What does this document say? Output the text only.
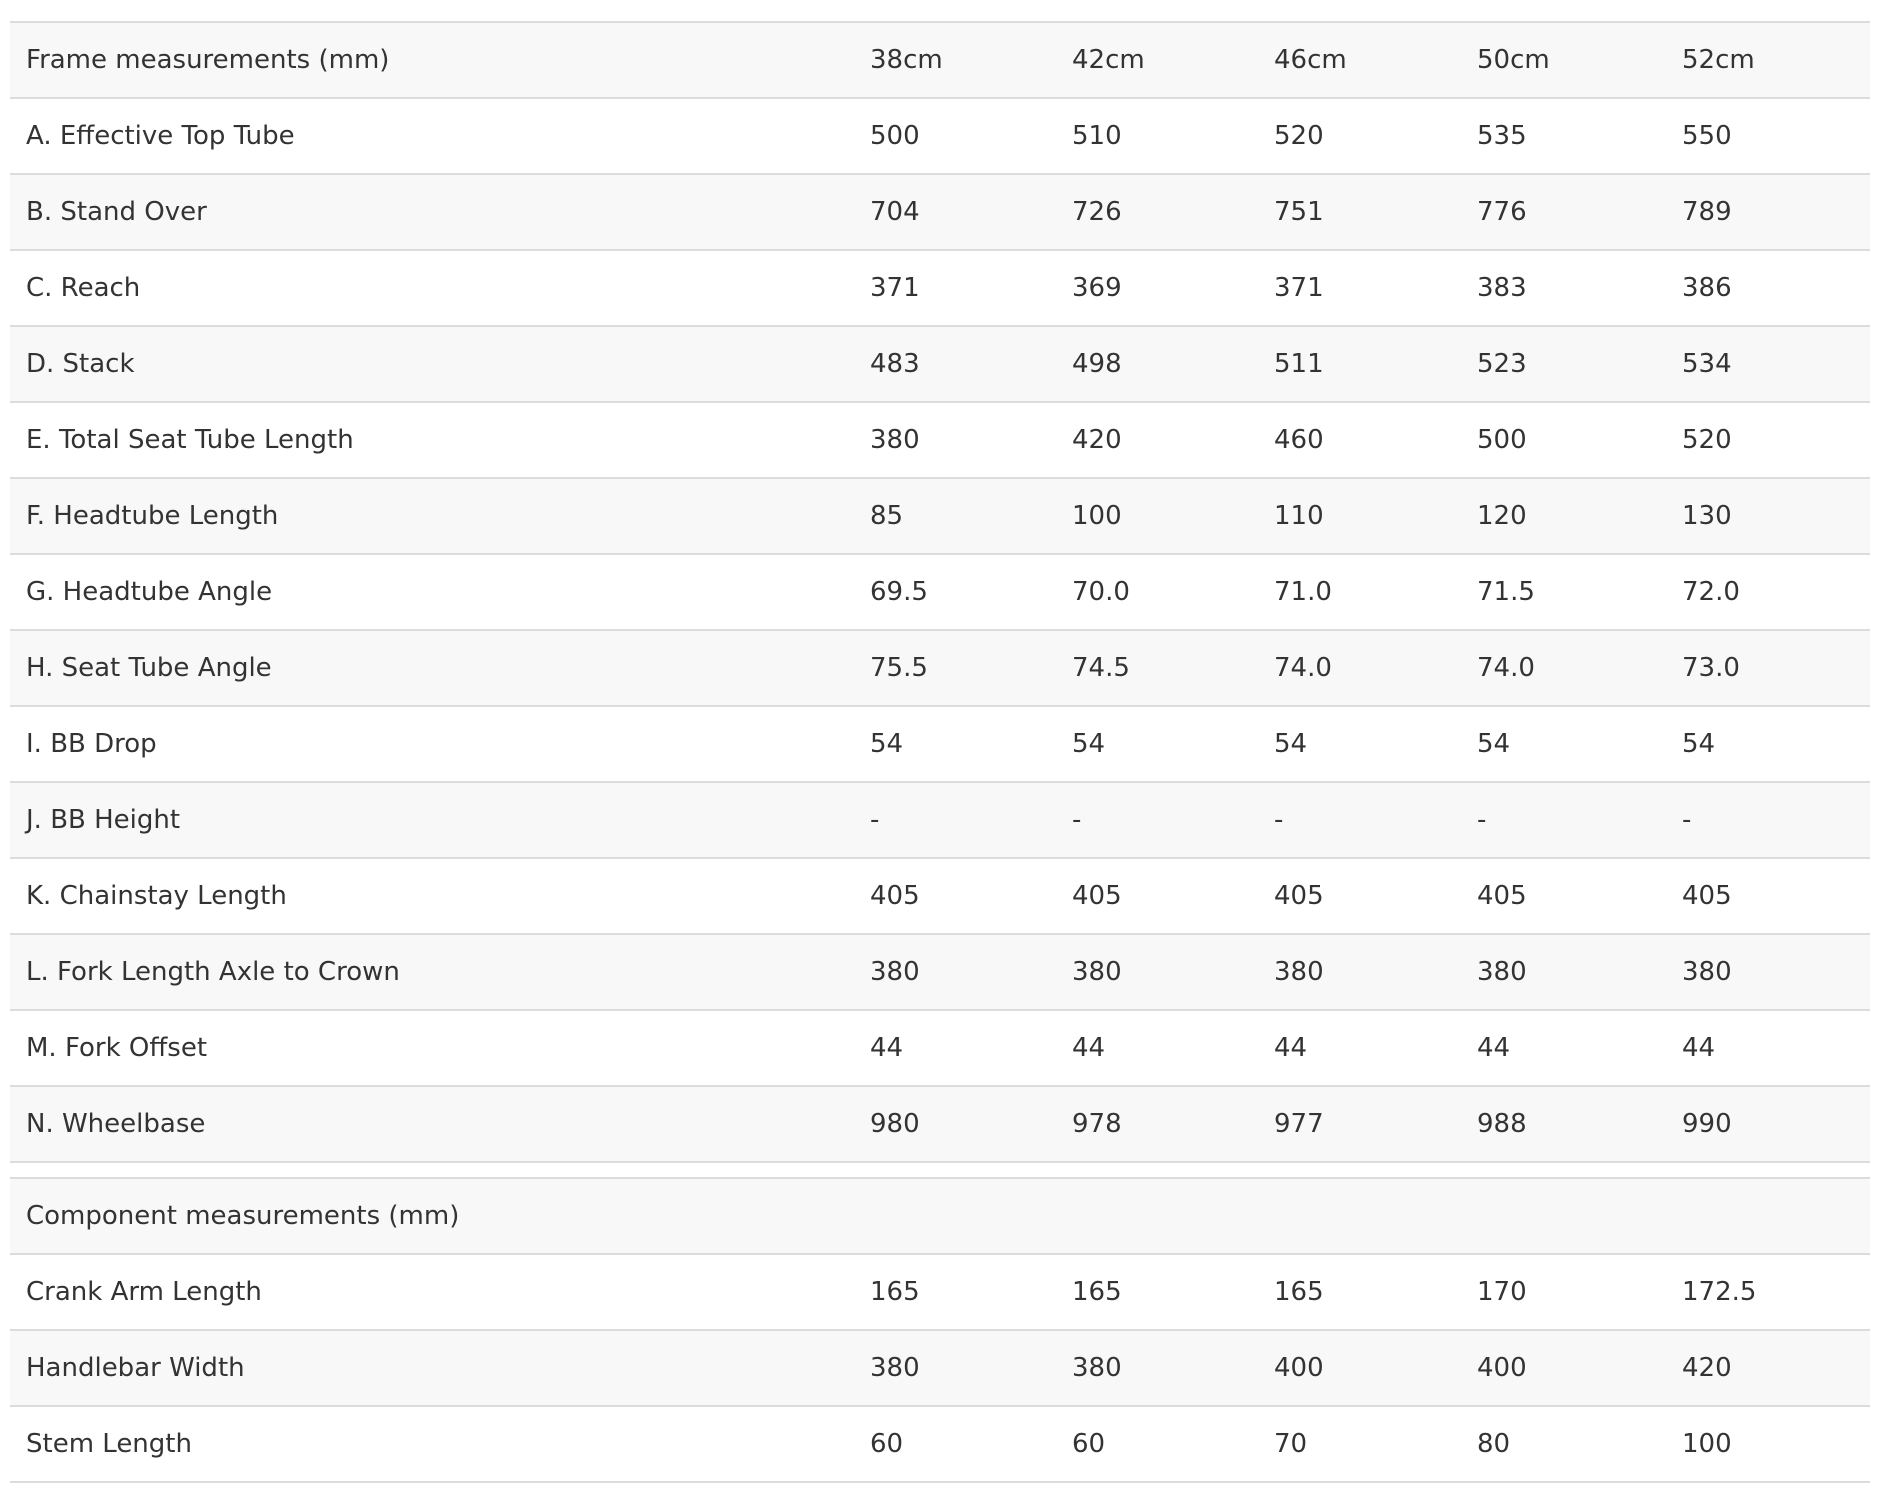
Frame measurements (mm)	38cm	42cm	46cm	50cm	52cm
A. Effective Top Tube	500	510	520	535	550
B. Stand Over	704	726	751	776	789
C. Reach	371	369	371	383	386
D. Stack	483	498	511	523	534
E. Total Seat Tube Length	380	420	460	500	520
F. Headtube Length	85	100	110	120	130
G. Headtube Angle	69.5	70.0	71.0	71.5	72.0
H. Seat Tube Angle	75.5	74.5	74.0	74.0	73.0
I. BB Drop	54	54	54	54	54
J. BB Height	-	-	-	-	-
K. Chainstay Length	405	405	405	405	405
L. Fork Length Axle to Crown	380	380	380	380	380
M. Fork Offset	44	44	44	44	44
N. Wheelbase	980	978	977	988	990
Component measurements (mm)					
Crank Arm Length	165	165	165	170	172.5
Handlebar Width	380	380	400	400	420
Stem Length	60	60	70	80	100
